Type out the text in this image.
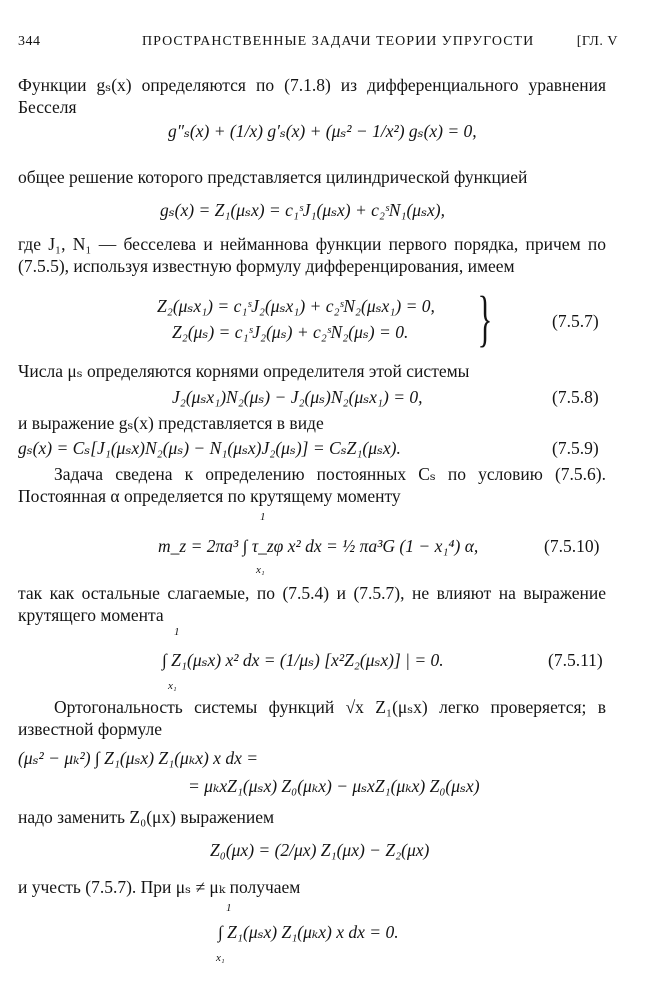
344	ПРОСТРАНСТВЕННЫЕ ЗАДАЧИ ТЕОРИИ УПРУГОСТИ	[ГЛ. V
Функции gₛ(x) определяются по (7.1.8) из дифференциального уравнения Бесселя
g″ₛ(x) + (1/x) g′ₛ(x) + (μₛ² − 1/x²) gₛ(x) = 0,
общее решение которого представляется цилиндрической функцией
gₛ(x) = Z₁(μₛx) = c₁ˢJ₁(μₛx) + c₂ˢN₁(μₛx),
где J₁, N₁ — бесселева и нейманнова функции первого порядка, причем по (7.5.5), используя известную формулу дифференцирования, имеем
Z₂(μₛx₁) = c₁ˢJ₂(μₛx₁) + c₂ˢN₂(μₛx₁) = 0,
Z₂(μₛ) = c₁ˢJ₂(μₛ) + c₂ˢN₂(μₛ) = 0. }	(7.5.7)
Числа μₛ определяются корнями определителя этой системы
J₂(μₛx₁)N₂(μₛ) − J₂(μₛ)N₂(μₛx₁) = 0,	(7.5.8)
и выражение gₛ(x) представляется в виде
gₛ(x) = Cₛ[J₁(μₛx)N₂(μₛ) − N₁(μₛx)J₂(μₛ)] = CₛZ₁(μₛx).	(7.5.9)
Задача сведена к определению постоянных Cₛ по условию (7.5.6). Постоянная α определяется по крутящему моменту
1
m_z = 2πa³ ∫ τ_zφ x² dx = ½ πa³G (1 − x₁⁴) α,
x₁
(7.5.10)
так как остальные слагаемые, по (7.5.4) и (7.5.7), не влияют на выражение крутящего момента
1
∫ Z₁(μₛx) x² dx = (1/μₛ) [x²Z₂(μₛx)] | = 0.
x₁
(7.5.11)
Ортогональность системы функций √x Z₁(μₛx) легко проверяется; в известной формуле
(μₛ² − μₖ²) ∫ Z₁(μₛx) Z₁(μₖx) x dx =
= μₖxZ₁(μₛx) Z₀(μₖx) − μₛxZ₁(μₖx) Z₀(μₛx)
надо заменить Z₀(μx) выражением
Z₀(μx) = (2/μx) Z₁(μx) − Z₂(μx)
и учесть (7.5.7). При μₛ ≠ μₖ получаем
1
∫ Z₁(μₛx) Z₁(μₖx) x dx = 0.
x₁
